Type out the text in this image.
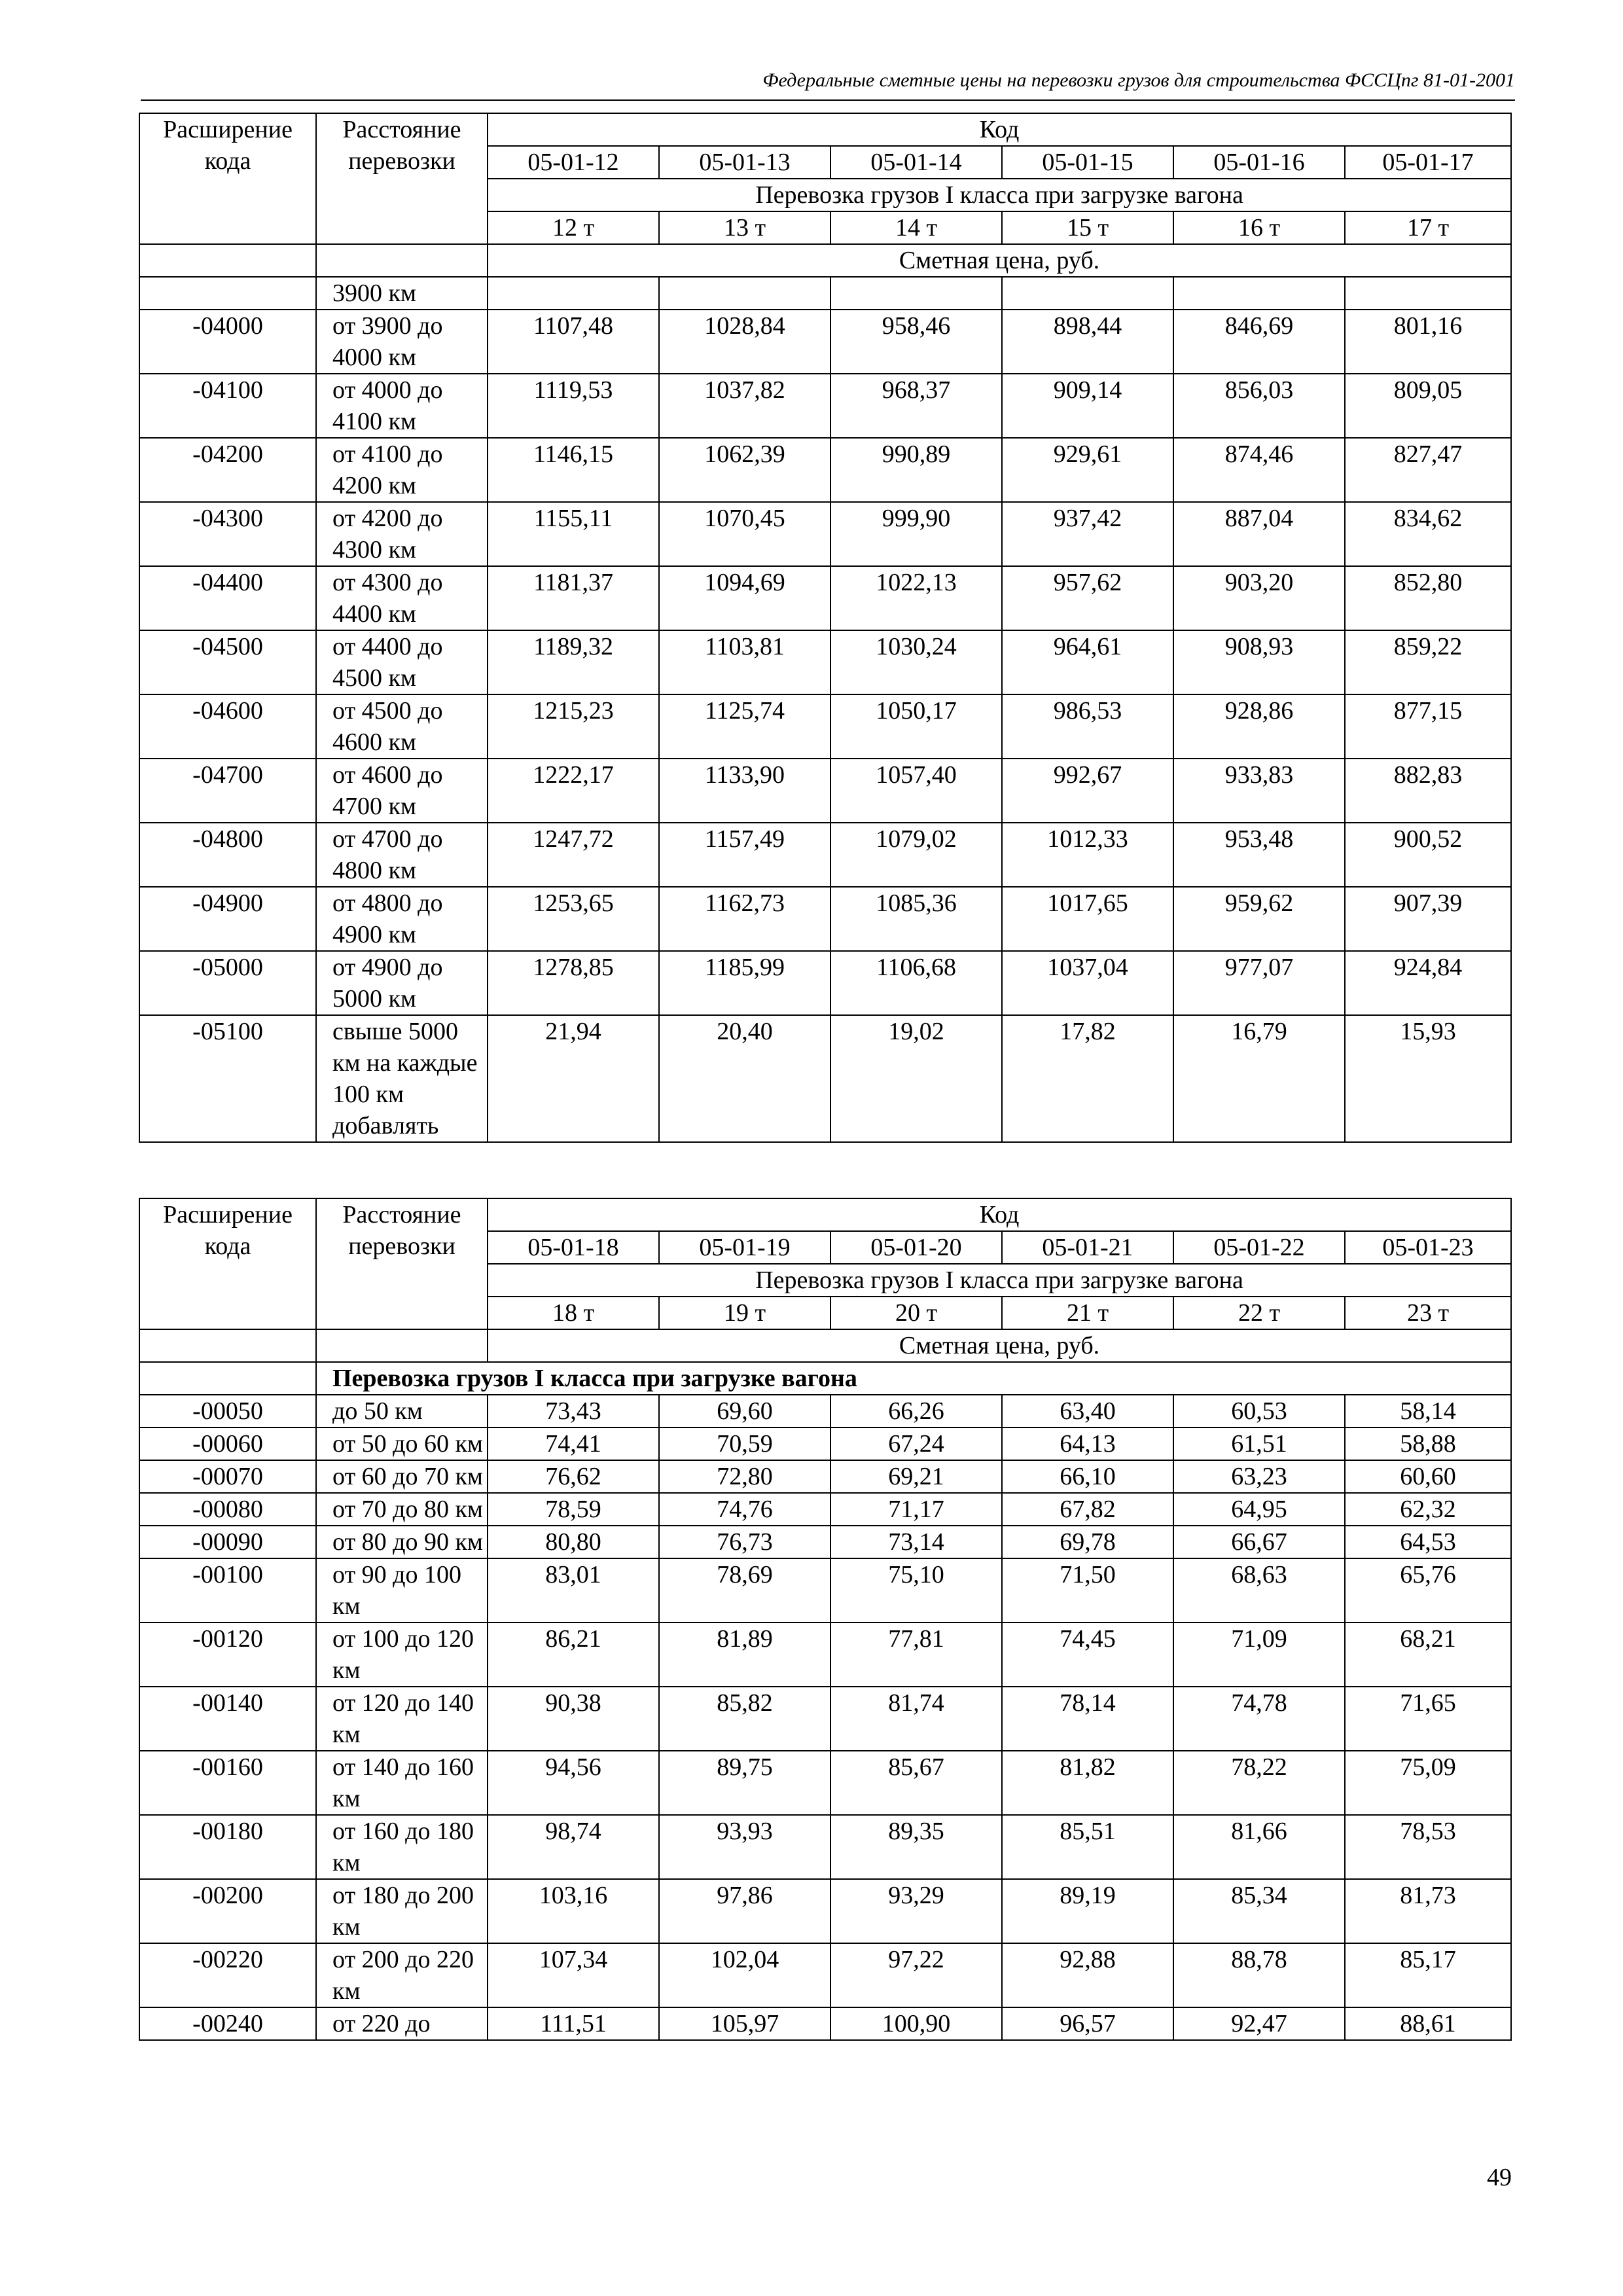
Федеральные сметные цены на перевозки грузов для строительства ФССЦпг 81-01-2001
Расширение кода	Расстояние перевозки	Код					
		05-01-12	05-01-13	05-01-14	05-01-15	05-01-16	05-01-17
		Перевозка грузов I класса при загрузке вагона					
		12 т	13 т	14 т	15 т	16 т	17 т
		Сметная цена, руб.					
	3900 км						
-04000	от 3900 до 4000 км	1107,48	1028,84	958,46	898,44	846,69	801,16
-04100	от 4000 до 4100 км	1119,53	1037,82	968,37	909,14	856,03	809,05
-04200	от 4100 до 4200 км	1146,15	1062,39	990,89	929,61	874,46	827,47
-04300	от 4200 до 4300 км	1155,11	1070,45	999,90	937,42	887,04	834,62
-04400	от 4300 до 4400 км	1181,37	1094,69	1022,13	957,62	903,20	852,80
-04500	от 4400 до 4500 км	1189,32	1103,81	1030,24	964,61	908,93	859,22
-04600	от 4500 до 4600 км	1215,23	1125,74	1050,17	986,53	928,86	877,15
-04700	от 4600 до 4700 км	1222,17	1133,90	1057,40	992,67	933,83	882,83
-04800	от 4700 до 4800 км	1247,72	1157,49	1079,02	1012,33	953,48	900,52
-04900	от 4800 до 4900 км	1253,65	1162,73	1085,36	1017,65	959,62	907,39
-05000	от 4900 до 5000 км	1278,85	1185,99	1106,68	1037,04	977,07	924,84
-05100	свыше 5000 км на каждые 100 км добавлять	21,94	20,40	19,02	17,82	16,79	15,93
Расширение кода	Расстояние перевозки	Код					
		05-01-18	05-01-19	05-01-20	05-01-21	05-01-22	05-01-23
		Перевозка грузов I класса при загрузке вагона					
		18 т	19 т	20 т	21 т	22 т	23 т
		Сметная цена, руб.					
	Перевозка грузов I класса при загрузке вагона						
-00050	до 50 км	73,43	69,60	66,26	63,40	60,53	58,14
-00060	от 50 до 60 км	74,41	70,59	67,24	64,13	61,51	58,88
-00070	от 60 до 70 км	76,62	72,80	69,21	66,10	63,23	60,60
-00080	от 70 до 80 км	78,59	74,76	71,17	67,82	64,95	62,32
-00090	от 80 до 90 км	80,80	76,73	73,14	69,78	66,67	64,53
-00100	от 90 до 100 км	83,01	78,69	75,10	71,50	68,63	65,76
-00120	от 100 до 120 км	86,21	81,89	77,81	74,45	71,09	68,21
-00140	от 120 до 140 км	90,38	85,82	81,74	78,14	74,78	71,65
-00160	от 140 до 160 км	94,56	89,75	85,67	81,82	78,22	75,09
-00180	от 160 до 180 км	98,74	93,93	89,35	85,51	81,66	78,53
-00200	от 180 до 200 км	103,16	97,86	93,29	89,19	85,34	81,73
-00220	от 200 до 220 км	107,34	102,04	97,22	92,88	88,78	85,17
-00240	от 220 до	111,51	105,97	100,90	96,57	92,47	88,61
49
